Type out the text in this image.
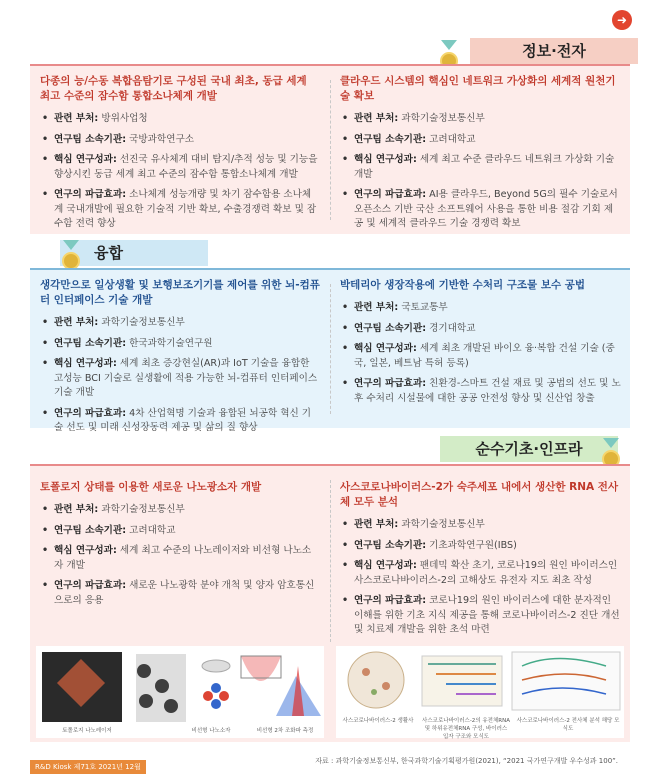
➜
정보·전자
다종의 능/수동 복합음탐기로 구성된 국내 최초, 동급 세계 최고 수준의 잠수함 통합소나체계 개발
• 관련 부처: 방위사업청
• 연구팀 소속기관: 국방과학연구소
• 핵심 연구성과: 선진국 유사체계 대비 탐지/추적 성능 및 기능을 향상시킨 동급 세계 최고 수준의 잠수함 통합소나체계 개발
• 연구의 파급효과: 소나체계 성능개량 및 차기 잠수함용 소나체계 국내개발에 필요한 기술적 기반 확보, 수출경쟁력 확보 및 잠수함 전력 향상
클라우드 시스템의 핵심인 네트워크 가상화의 세계적 원천기술 확보
• 관련 부처: 과학기술정보통신부
• 연구팀 소속기관: 고려대학교
• 핵심 연구성과: 세계 최고 수준 클라우드 네트워크 가상화 기술 개발
• 연구의 파급효과: AI용 클라우드, Beyond 5G의 필수 기술로서 오픈소스 기반 국산 소프트웨어 사용을 통한 비용 절감 기회 제공 및 세계적 클라우드 기술 경쟁력 확보
융합
생각만으로 일상생활 및 보행보조기기를 제어를 위한 뇌-컴퓨터 인터페이스 기술 개발
• 관련 부처: 과학기술정보통신부
• 연구팀 소속기관: 한국과학기술연구원
• 핵심 연구성과: 세계 최초 증강현실(AR)과 IoT 기술을 융합한 고성능 BCI 기술로 실생활에 적용 가능한 뇌-컴퓨터 인터페이스 기술 개발
• 연구의 파급효과: 4차 산업혁명 기술과 융합된 뇌공학 혁신 기술 선도 및 미래 신성장동력 제공 및 삶의 질 향상
박테리아 생장작용에 기반한 수처리 구조물 보수 공법
• 관련 부처: 국토교통부
• 연구팀 소속기관: 경기대학교
• 핵심 연구성과: 세계 최초 개발된 바이오 융·복합 건설 기술 (중국, 일본, 베트남 특허 등록)
• 연구의 파급효과: 친환경-스마트 건설 재료 및 공법의 선도 및 노후 수처리 시설물에 대한 공공 안전성 향상 및 신산업 창출
순수기초·인프라
토폴로지 상태를 이용한 새로운 나노광소자 개발
• 관련 부처: 과학기술정보통신부
• 연구팀 소속기관: 고려대학교
• 핵심 연구성과: 세계 최고 수준의 나노레이저와 비선형 나노소자 개발
• 연구의 파급효과: 새로운 나노광학 분야 개척 및 양자 암호통신으로의 응용
사스코로나바이러스-2가 숙주세포 내에서 생산한 RNA 전사체 모두 분석
• 관련 부처: 과학기술정보통신부
• 연구팀 소속기관: 기초과학연구원(IBS)
• 핵심 연구성과: 팬데믹 확산 초기, 코로나19의 원인 바이러스인 사스코로나바이러스-2의 고해상도 유전자 지도 최초 작성
• 연구의 파급효과: 코로나19의 원인 바이러스에 대한 분자적인 이해를 위한 기초 지식 제공을 통해 코로나바이러스-2 진단 개선 및 치료제 개발을 위한 초석 마련
토폴로지 나노레이저	비선형 나노소자	비선형 2차 조화파 측정
사스코로나바이러스-2 생활사	사스코로나바이러스-2의 유전체RNA 및 하위유전체RNA 구성, 바이러스 입자 구조와 모식도
사스코로나바이러스-2 전사체 분석 해당 모식도
자료 : 과학기술정보통신부, 한국과학기술기획평가원(2021), “2021 국가연구개발 우수성과 100”.
R&D Kiosk 제71호 2021년 12월
